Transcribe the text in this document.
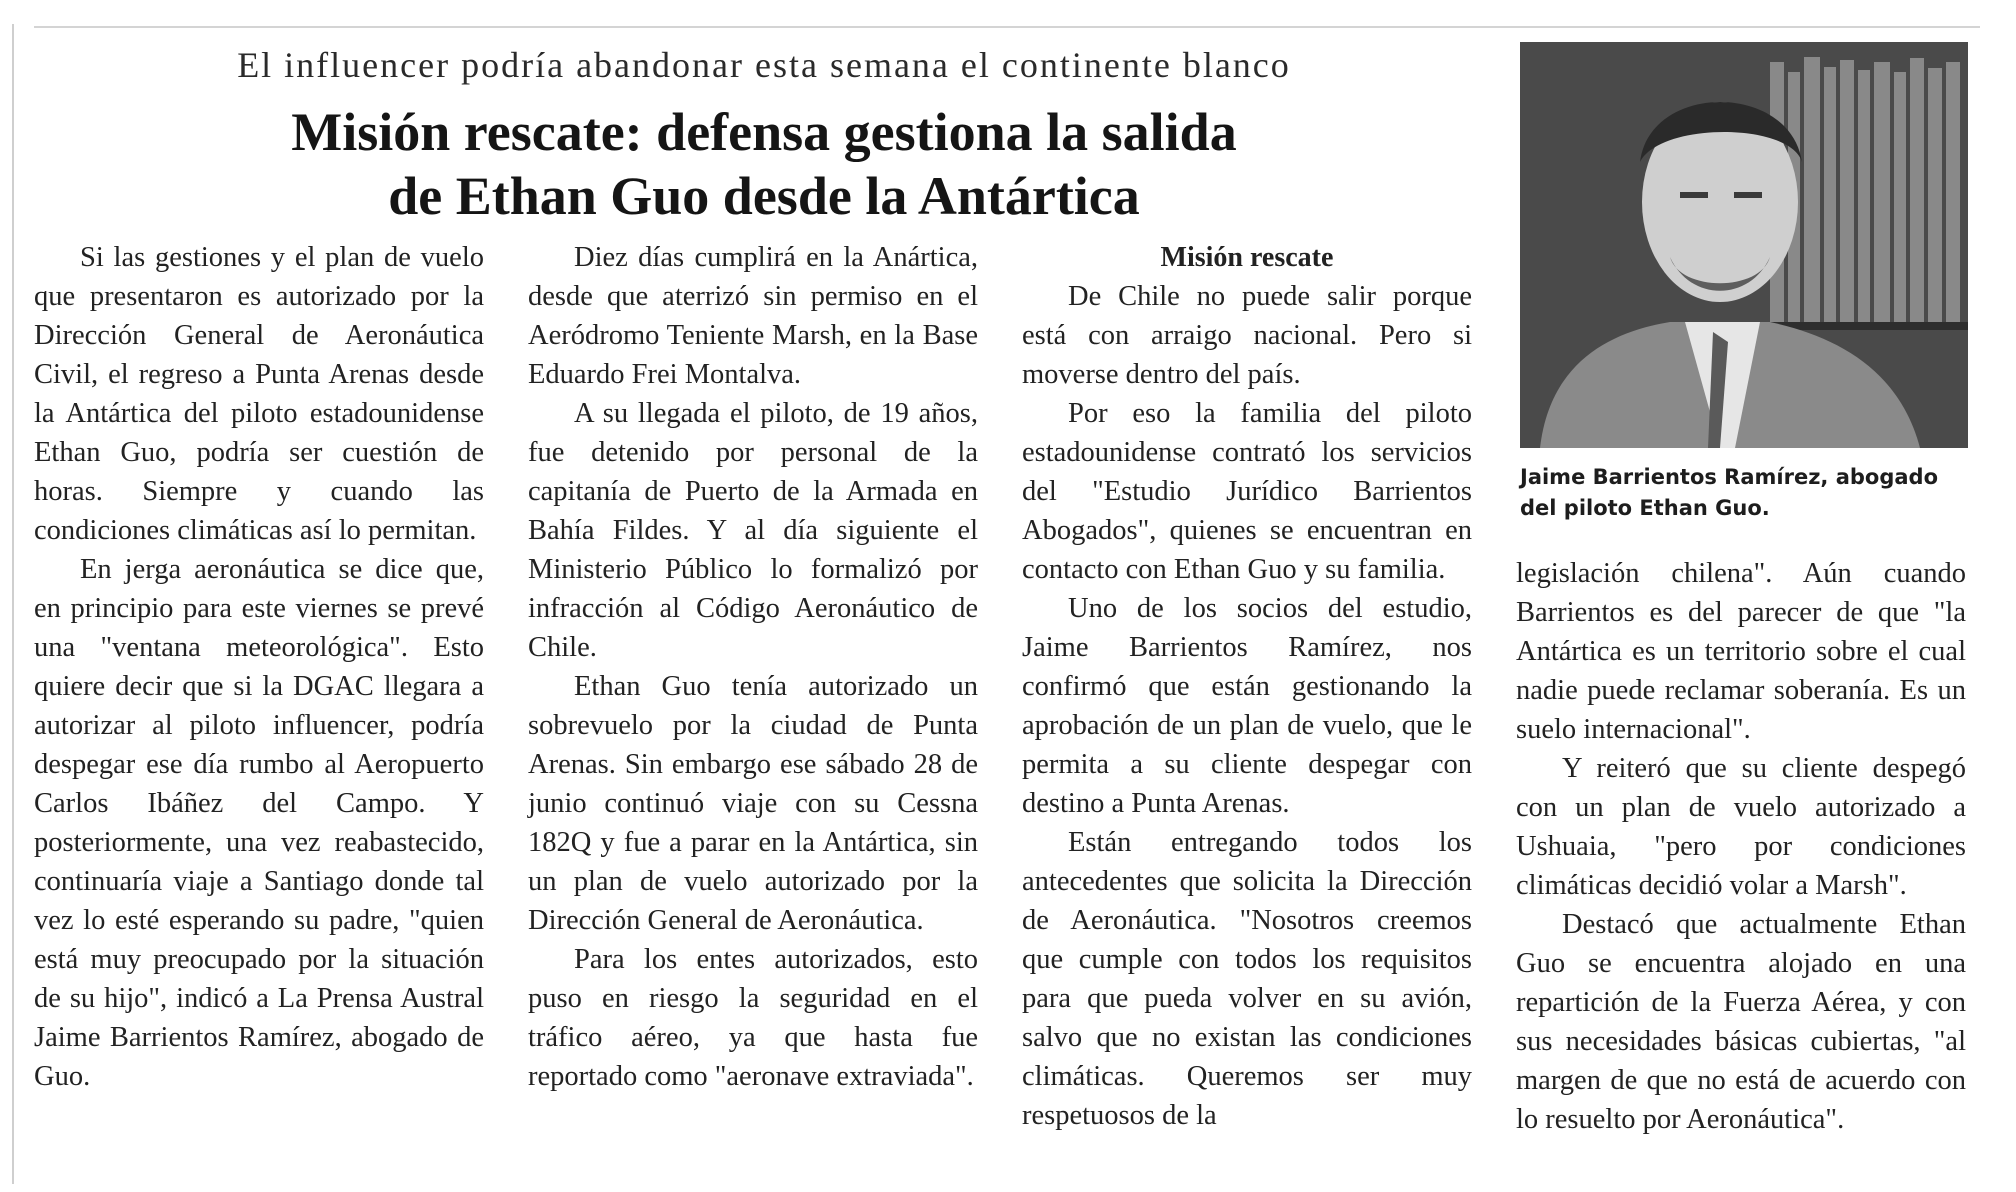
El influencer podría abandonar esta semana el continente blanco
Misión rescate: defensa gestiona la salida
de Ethan Guo desde la Antártica

Si las gestiones y el plan de vuelo que presentaron es autorizado por la Dirección General de Aeronáutica Civil, el regreso a Punta Arenas desde la Antártica del piloto estadounidense Ethan Guo, podría ser cuestión de horas. Siempre y cuando las condiciones climáticas así lo permitan.

En jerga aeronáutica se dice que, en principio para este viernes se prevé una "ventana meteorológica". Esto quiere decir que si la DGAC llegara a autorizar al piloto influencer, podría despegar ese día rumbo al Aeropuerto Carlos Ibáñez del Campo. Y posteriormente, una vez reabastecido, continuaría viaje a Santiago donde tal vez lo esté esperando su padre, "quien está muy preocupado por la situación de su hijo", indicó a La Prensa Austral Jaime Barrientos Ramírez, abogado de Guo.

Diez días cumplirá en la Anártica, desde que aterrizó sin permiso en el Aeródromo Teniente Marsh, en la Base Eduardo Frei Montalva.

A su llegada el piloto, de 19 años, fue detenido por personal de la capitanía de Puerto de la Armada en Bahía Fildes. Y al día siguiente el Ministerio Público lo formalizó por infracción al Código Aeronáutico de Chile.

Ethan Guo tenía autorizado un sobrevuelo por la ciudad de Punta Arenas. Sin embargo ese sábado 28 de junio continuó viaje con su Cessna 182Q y fue a parar en la Antártica, sin un plan de vuelo autorizado por la Dirección General de Aeronáutica.

Para los entes autorizados, esto puso en riesgo la seguridad en el tráfico aéreo, ya que hasta fue reportado como "aeronave extraviada".

Misión rescate

De Chile no puede salir porque está con arraigo nacional. Pero si moverse dentro del país.

Por eso la familia del piloto estadounidense contrató los servicios del "Estudio Jurídico Barrientos Abogados", quienes se encuentran en contacto con Ethan Guo y su familia.

Uno de los socios del estudio, Jaime Barrientos Ramírez, nos confirmó que están gestionando la aprobación de un plan de vuelo, que le permita a su cliente despegar con destino a Punta Arenas.

Están entregando todos los antecedentes que solicita la Dirección de Aeronáutica. "Nosotros creemos que cumple con todos los requisitos para que pueda volver en su avión, salvo que no existan las condiciones climáticas. Queremos ser muy respetuosos de la

Jaime Barrientos Ramírez, abogado del piloto Ethan Guo.

legislación chilena". Aún cuando Barrientos es del parecer de que "la Antártica es un territorio sobre el cual nadie puede reclamar soberanía. Es un suelo internacional".

Y reiteró que su cliente despegó con un plan de vuelo autorizado a Ushuaia, "pero por condiciones climáticas decidió volar a Marsh".

Destacó que actualmente Ethan Guo se encuentra alojado en una repartición de la Fuerza Aérea, y con sus necesidades básicas cubiertas, "al margen de que no está de acuerdo con lo resuelto por Aeronáutica".
